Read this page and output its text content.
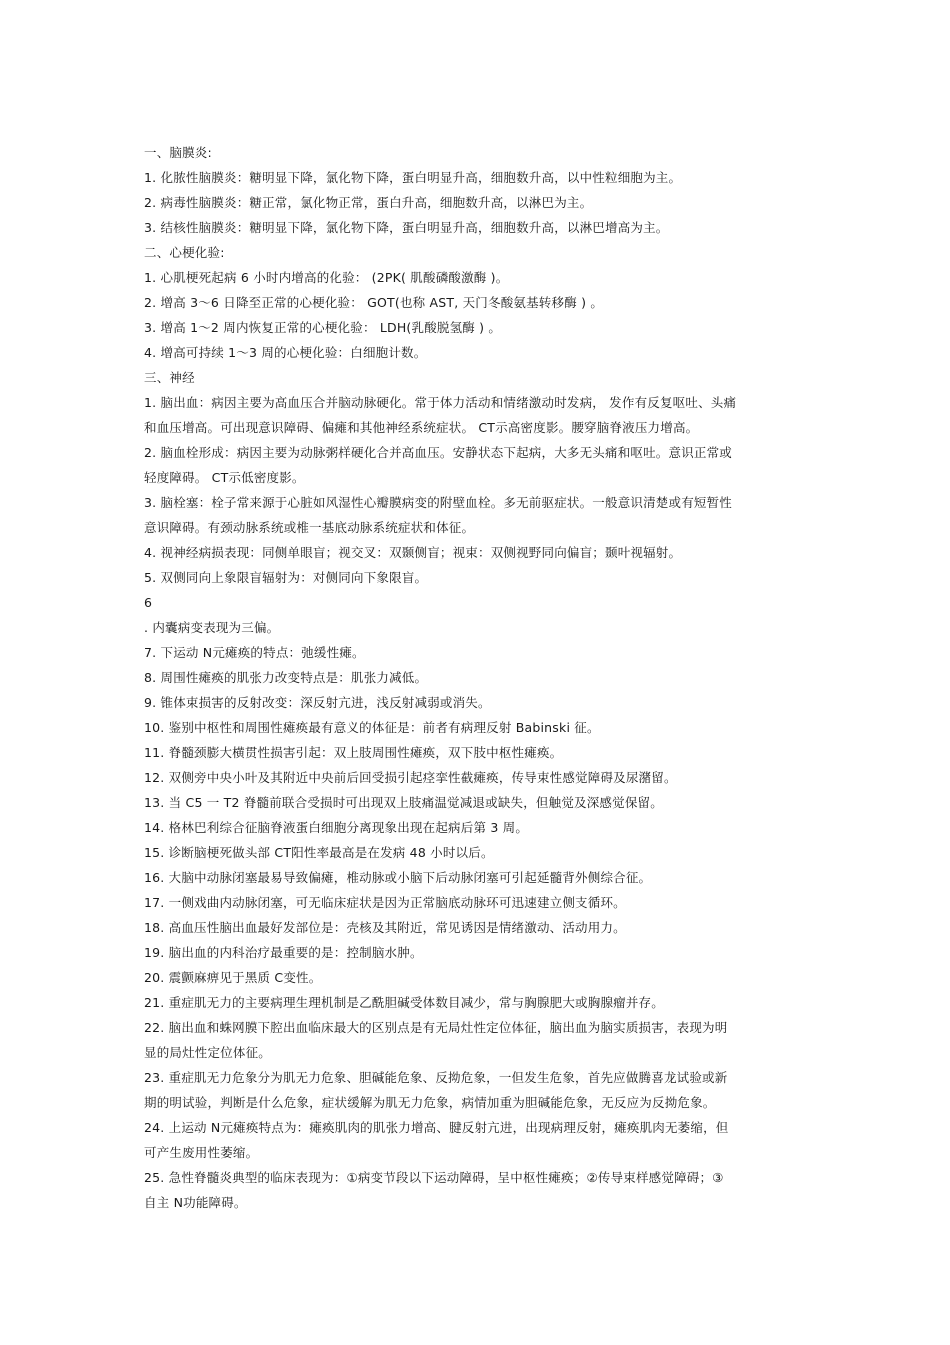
一、脑膜炎:
1. 化脓性脑膜炎：糖明显下降，氯化物下降，蛋白明显升高，细胞数升高，以中性粒细胞为主。
2. 病毒性脑膜炎：糖正常，氯化物正常，蛋白升高，细胞数升高，以淋巴为主。
3. 结核性脑膜炎：糖明显下降，氯化物下降，蛋白明显升高，细胞数升高，以淋巴增高为主。
二、心梗化验:
1. 心肌梗死起病 6 小时内增高的化验： (2PK( 肌酸磷酸激酶 )。
2. 增高 3～6 日降至正常的心梗化验： GOT(也称 AST, 天门冬酸氨基转移酶 ) 。
3. 增高 1～2 周内恢复正常的心梗化验： LDH(乳酸脱氢酶 ) 。
4. 增高可持续 1～3 周的心梗化验：白细胞计数。
三、神经
1. 脑出血：病因主要为高血压合并脑动脉硬化。常于体力活动和情绪激动时发病， 发作有反复呕吐、头痛
和血压增高。可出现意识障碍、偏瘫和其他神经系统症状。 CT示高密度影。腰穿脑脊液压力增高。
2. 脑血栓形成：病因主要为动脉粥样硬化合并高血压。安静状态下起病，大多无头痛和呕吐。意识正常或
轻度障碍。 CT示低密度影。
3. 脑栓塞：栓子常来源于心脏如风湿性心瓣膜病变的附壁血栓。多无前驱症状。一般意识清楚或有短暂性
意识障碍。有颈动脉系统或椎一基底动脉系统症状和体征。
4. 视神经病损表现：同侧单眼盲；视交叉：双颞侧盲；视束：双侧视野同向偏盲；颞叶视辐射。
5. 双侧同向上象限盲辐射为：对侧同向下象限盲。
6
. 内囊病变表现为三偏。
7. 下运动 N元瘫痪的特点：弛缓性瘫。
8. 周围性瘫痪的肌张力改变特点是：肌张力减低。
9. 锥体束损害的反射改变：深反射亢进，浅反射减弱或消失。
10. 鉴别中枢性和周围性瘫痪最有意义的体征是：前者有病理反射 Babinski 征。
11. 脊髓颈膨大横贯性损害引起：双上肢周围性瘫痪，双下肢中枢性瘫痪。
12. 双侧旁中央小叶及其附近中央前后回受损引起痉挛性截瘫痪，传导束性感觉障碍及尿潴留。
13. 当 C5 一 T2 脊髓前联合受损时可出现双上肢痛温觉减退或缺失，但触觉及深感觉保留。
14. 格林巴利综合征脑脊液蛋白细胞分离现象出现在起病后第 3 周。
15. 诊断脑梗死做头部 CT阳性率最高是在发病 48 小时以后。
16. 大脑中动脉闭塞最易导致偏瘫，椎动脉或小脑下后动脉闭塞可引起延髓背外侧综合征。
17. 一侧戏曲内动脉闭塞，可无临床症状是因为正常脑底动脉环可迅速建立侧支循环。
18. 高血压性脑出血最好发部位是：壳核及其附近，常见诱因是情绪激动、活动用力。
19. 脑出血的内科治疗最重要的是：控制脑水肿。
20. 震颤麻痹见于黑质 C变性。
21. 重症肌无力的主要病理生理机制是乙酰胆碱受体数目减少，常与胸腺肥大或胸腺瘤并存。
22. 脑出血和蛛网膜下腔出血临床最大的区别点是有无局灶性定位体征，脑出血为脑实质损害，表现为明
显的局灶性定位体征。
23. 重症肌无力危象分为肌无力危象、胆碱能危象、反拗危象，一但发生危象，首先应做腾喜龙试验或新
期的明试验，判断是什么危象，症状缓解为肌无力危象，病情加重为胆碱能危象，无反应为反拗危象。
24. 上运动 N元瘫痪特点为：瘫痪肌肉的肌张力增高、腱反射亢进，出现病理反射，瘫痪肌肉无萎缩，但
可产生废用性萎缩。
25. 急性脊髓炎典型的临床表现为：①病变节段以下运动障碍，呈中枢性瘫痪；②传导束样感觉障碍；③
自主 N功能障碍。
